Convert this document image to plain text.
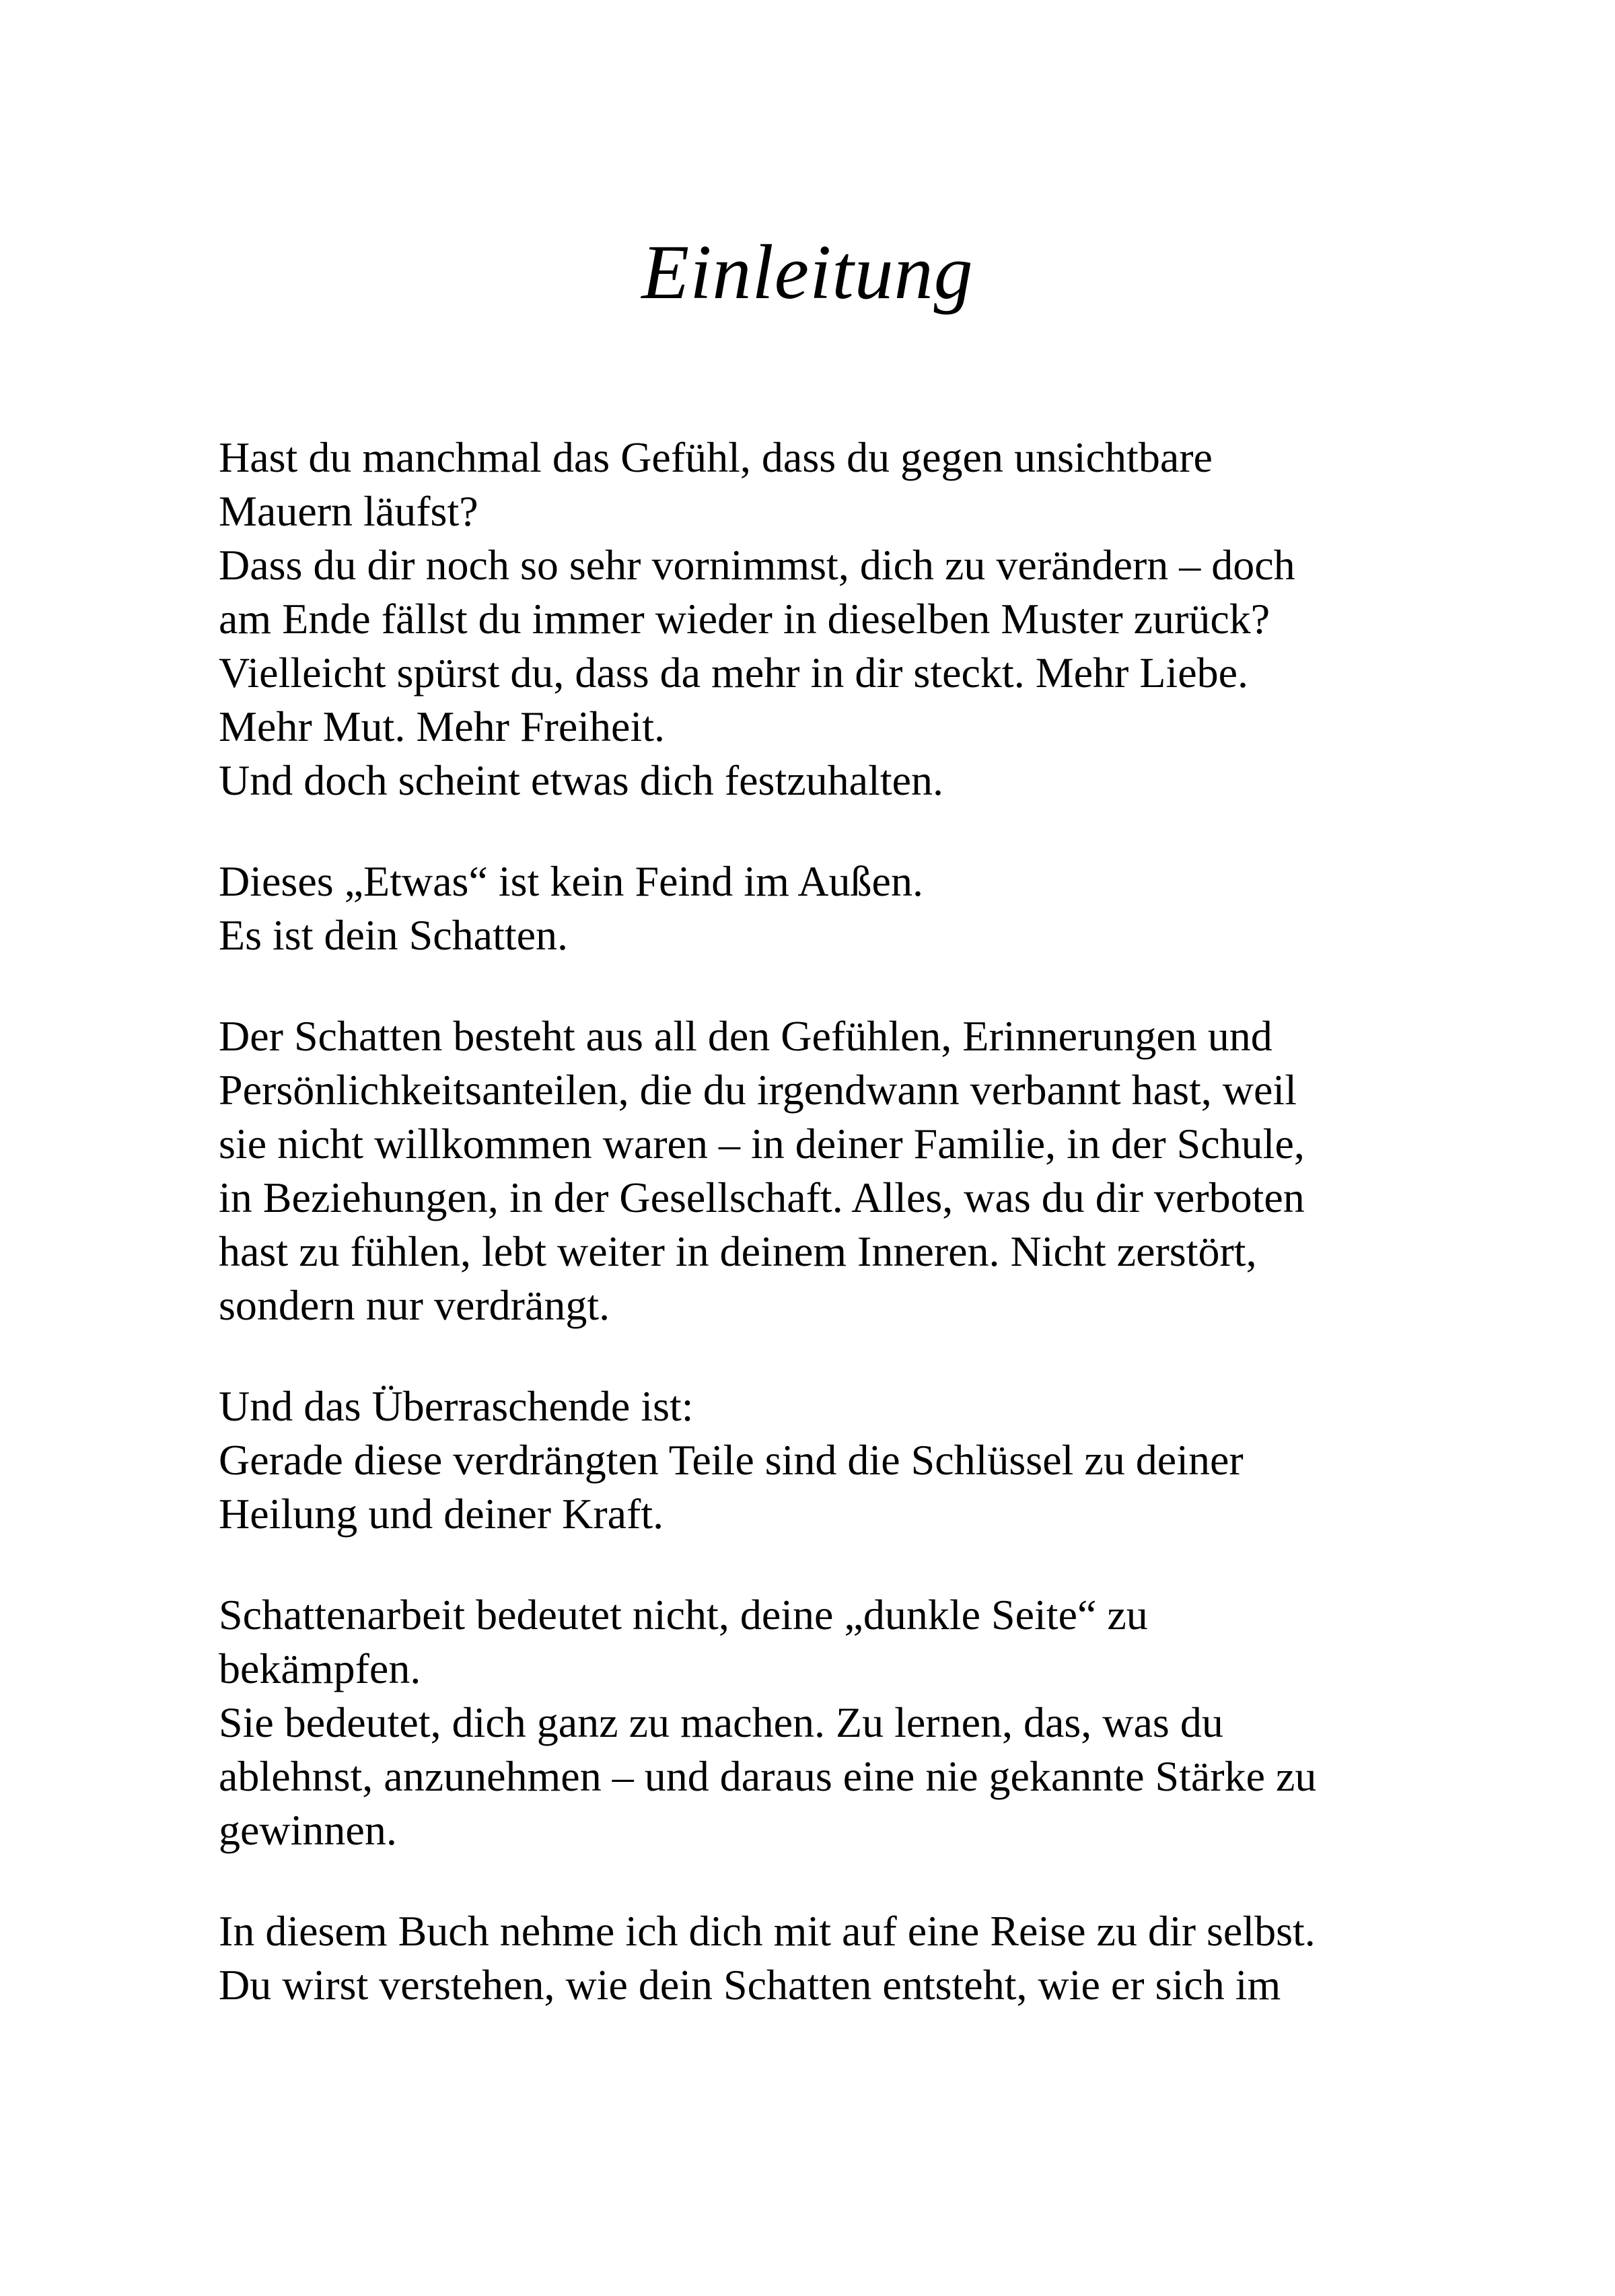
Einleitung

Hast du manchmal das Gefühl, dass du gegen unsichtbare
Mauern läufst?
Dass du dir noch so sehr vornimmst, dich zu verändern – doch
am Ende fällst du immer wieder in dieselben Muster zurück?
Vielleicht spürst du, dass da mehr in dir steckt. Mehr Liebe.
Mehr Mut. Mehr Freiheit.
Und doch scheint etwas dich festzuhalten.

Dieses „Etwas“ ist kein Feind im Außen.
Es ist dein Schatten.

Der Schatten besteht aus all den Gefühlen, Erinnerungen und
Persönlichkeitsanteilen, die du irgendwann verbannt hast, weil
sie nicht willkommen waren – in deiner Familie, in der Schule,
in Beziehungen, in der Gesellschaft. Alles, was du dir verboten
hast zu fühlen, lebt weiter in deinem Inneren. Nicht zerstört,
sondern nur verdrängt.

Und das Überraschende ist:
Gerade diese verdrängten Teile sind die Schlüssel zu deiner
Heilung und deiner Kraft.

Schattenarbeit bedeutet nicht, deine „dunkle Seite“ zu
bekämpfen.
Sie bedeutet, dich ganz zu machen. Zu lernen, das, was du
ablehnst, anzunehmen – und daraus eine nie gekannte Stärke zu
gewinnen.

In diesem Buch nehme ich dich mit auf eine Reise zu dir selbst.
Du wirst verstehen, wie dein Schatten entsteht, wie er sich im
